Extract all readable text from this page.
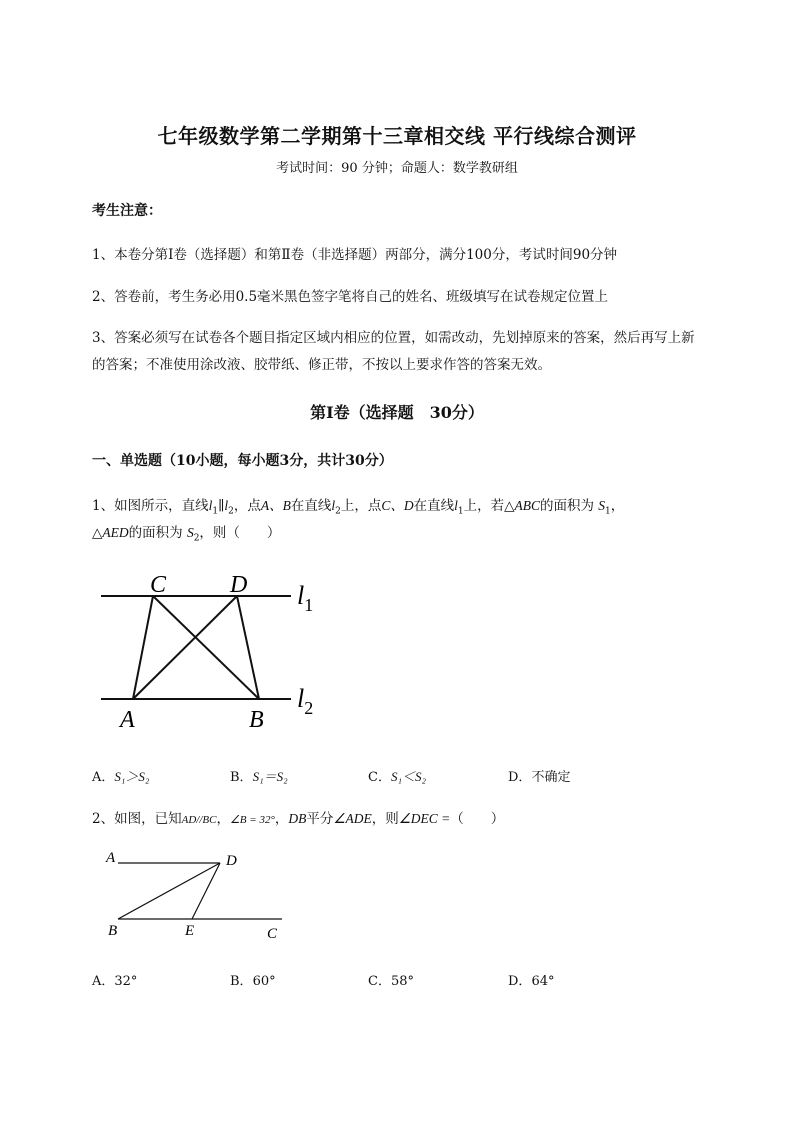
七年级数学第二学期第十三章相交线 平行线综合测评
考试时间：90 分钟；命题人：数学教研组
考生注意：
1、本卷分第Ⅰ卷（选择题）和第Ⅱ卷（非选择题）两部分，满分100分，考试时间90分钟
2、答卷前，考生务必用0.5毫米黑色签字笔将自己的姓名、班级填写在试卷规定位置上
3、答案必须写在试卷各个题目指定区域内相应的位置，如需改动，先划掉原来的答案，然后再写上新
的答案；不准使用涂改液、胶带纸、修正带，不按以上要求作答的答案无效。
第Ⅰ卷（选择题　30分）
一、单选题（10小题，每小题3分，共计30分）
1、如图所示，直线$l_1\parallel l_2$，点A、B在直线$l_2$上，点C、D在直线$l_1$上，若△ABC的面积为 $S_1$，
△AED的面积为 $S_2$，则（　　）
C	D
A	B
$l_1$
$l_2$
A．S₁＞S₂	B．S₁＝S₂	C．S₁＜S₂	D．不确定
2、如图，已知AD//BC，∠B = 32°，DB平分∠ADE，则∠DEC =（　　）
A	D
B	E	C
A．32°	B．60°	C．58°	D．64°
